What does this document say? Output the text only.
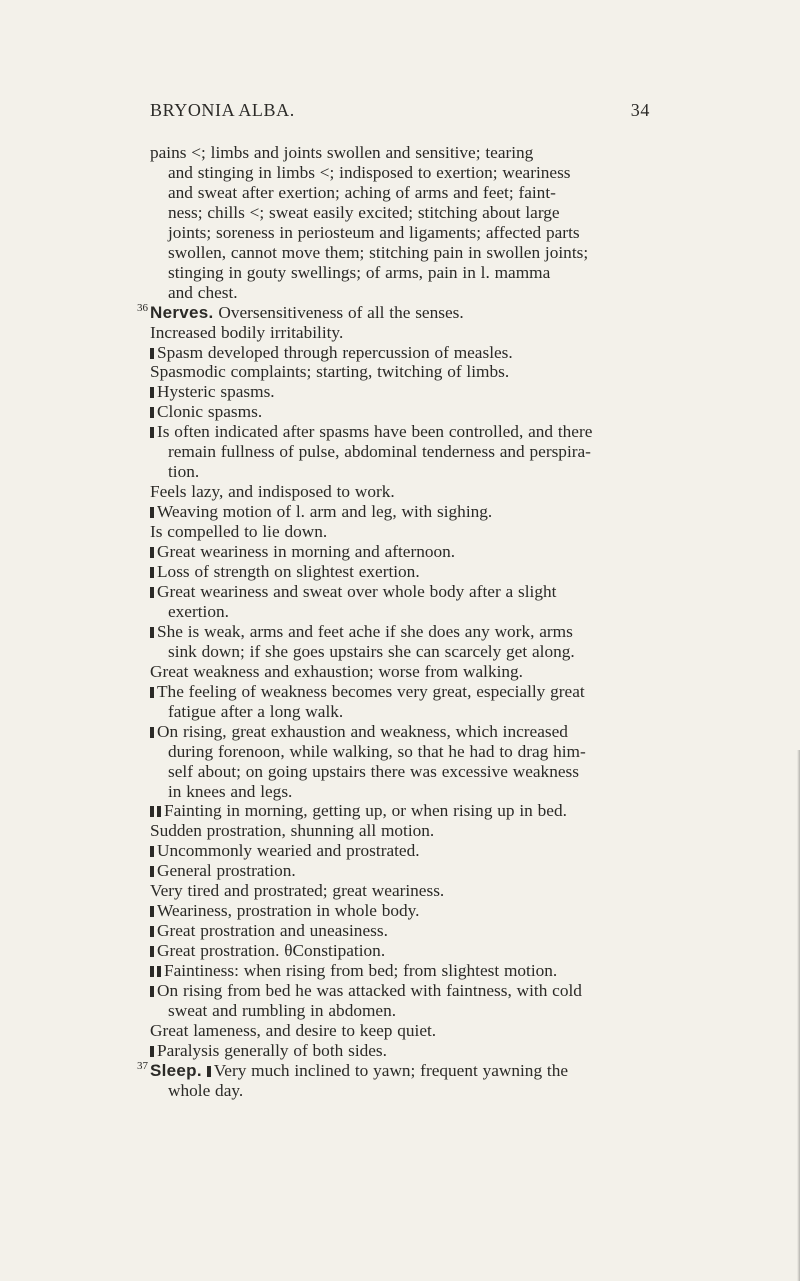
BRYONIA ALBA.	34
pains <; limbs and joints swollen and sensitive; tearing
and stinging in limbs <; indisposed to exertion; weariness
and sweat after exertion; aching of arms and feet; faint-
ness; chills <; sweat easily excited; stitching about large
joints; soreness in periosteum and ligaments; affected parts
swollen, cannot move them; stitching pain in swollen joints;
stinging in gouty swellings; of arms, pain in l. mamma
and chest.
36 Nerves. Oversensitiveness of all the senses.
Increased bodily irritability.
Spasm developed through repercussion of measles.
Spasmodic complaints; starting, twitching of limbs.
Hysteric spasms.
Clonic spasms.
Is often indicated after spasms have been controlled, and there
remain fullness of pulse, abdominal tenderness and perspira-
tion.
Feels lazy, and indisposed to work.
Weaving motion of l. arm and leg, with sighing.
Is compelled to lie down.
Great weariness in morning and afternoon.
Loss of strength on slightest exertion.
Great weariness and sweat over whole body after a slight
exertion.
She is weak, arms and feet ache if she does any work, arms
sink down; if she goes upstairs she can scarcely get along.
Great weakness and exhaustion; worse from walking.
The feeling of weakness becomes very great, especially great
fatigue after a long walk.
On rising, great exhaustion and weakness, which increased
during forenoon, while walking, so that he had to drag him-
self about; on going upstairs there was excessive weakness
in knees and legs.
Fainting in morning, getting up, or when rising up in bed.
Sudden prostration, shunning all motion.
Uncommonly wearied and prostrated.
General prostration.
Very tired and prostrated; great weariness.
Weariness, prostration in whole body.
Great prostration and uneasiness.
Great prostration. θConstipation.
Faintiness: when rising from bed; from slightest motion.
On rising from bed he was attacked with faintness, with cold
sweat and rumbling in abdomen.
Great lameness, and desire to keep quiet.
Paralysis generally of both sides.
37 Sleep. Very much inclined to yawn; frequent yawning the
whole day.
